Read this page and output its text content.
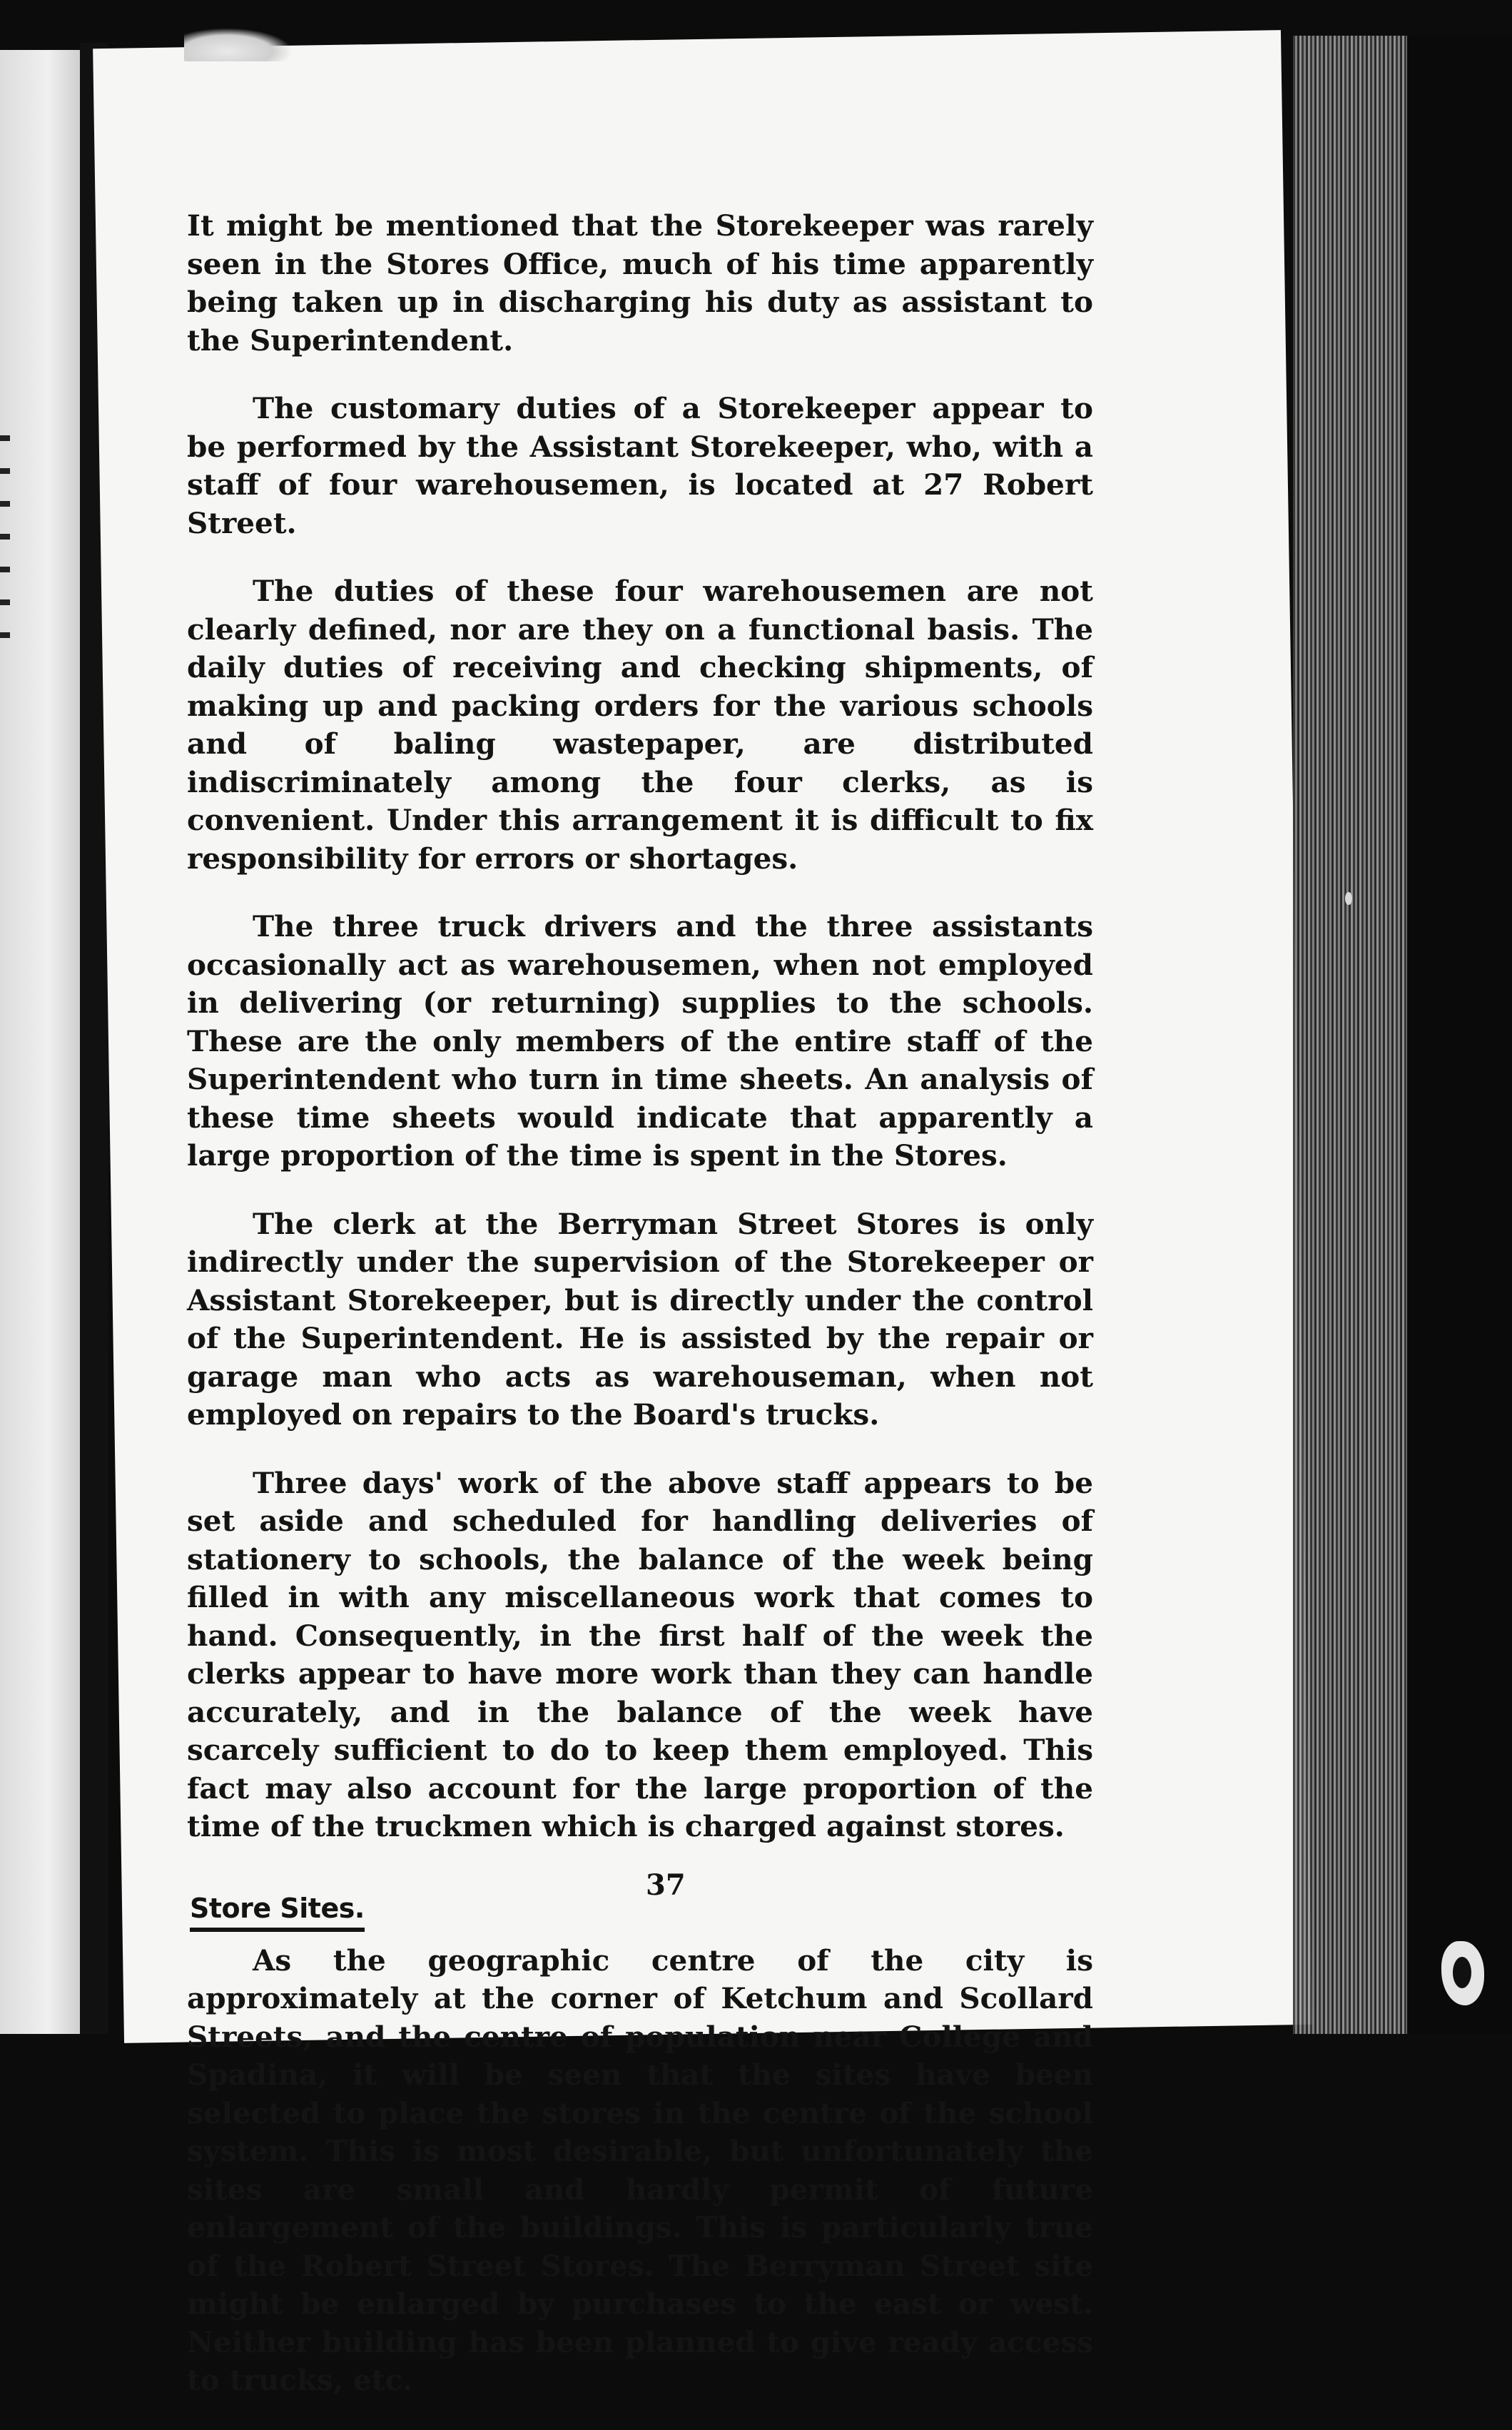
It might be mentioned that the Storekeeper was rarely seen in the Stores Office, much of his time apparently being taken up in discharging his duty as assistant to the Superintendent.

The customary duties of a Storekeeper appear to be performed by the Assistant Storekeeper, who, with a staff of four warehousemen, is located at 27 Robert Street.

The duties of these four warehousemen are not clearly defined, nor are they on a functional basis. The daily duties of receiving and checking shipments, of making up and packing orders for the various schools and of baling wastepaper, are distributed indiscriminately among the four clerks, as is convenient. Under this arrangement it is difficult to fix responsibility for errors or shortages.

The three truck drivers and the three assistants occasionally act as warehousemen, when not employed in delivering (or returning) supplies to the schools. These are the only members of the entire staff of the Superintendent who turn in time sheets. An analysis of these time sheets would indicate that apparently a large proportion of the time is spent in the Stores.

The clerk at the Berryman Street Stores is only indirectly under the supervision of the Storekeeper or Assistant Storekeeper, but is directly under the control of the Superintendent. He is assisted by the repair or garage man who acts as warehouseman, when not employed on repairs to the Board's trucks.

Three days' work of the above staff appears to be set aside and scheduled for handling deliveries of stationery to schools, the balance of the week being filled in with any miscellaneous work that comes to hand. Consequently, in the first half of the week the clerks appear to have more work than they can handle accurately, and in the balance of the week have scarcely sufficient to do to keep them employed. This fact may also account for the large proportion of the time of the truckmen which is charged against stores.

Store Sites.

As the geographic centre of the city is approximately at the corner of Ketchum and Scollard Streets, and the centre of population near College and Spadina, it will be seen that the sites have been selected to place the stores in the centre of the school system. This is most desirable, but unfortunately the sites are small and hardly permit of future enlargement of the buildings. This is particularly true of the Robert Street Stores. The Berryman Street site might be enlarged by purchases to the east or west. Neither building has been planned to give ready access to trucks, etc.

37
